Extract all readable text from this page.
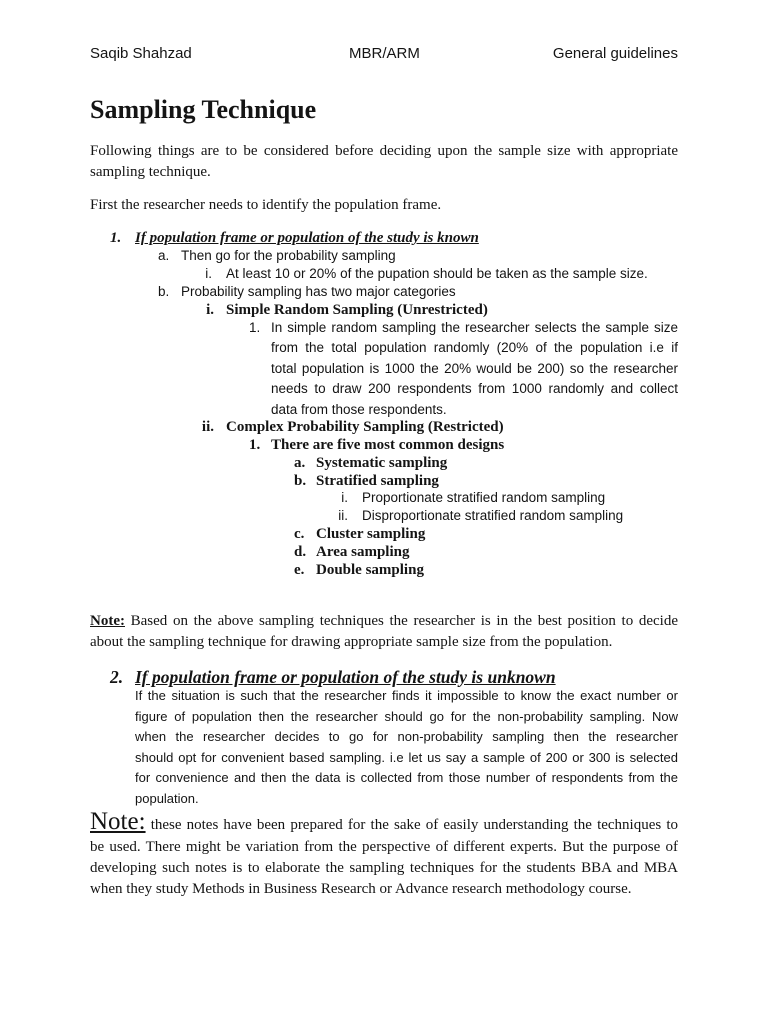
Saqib Shahzad	MBR/ARM	General guidelines
Sampling Technique
Following things are to be considered before deciding upon the sample size with appropriate
sampling technique.
First the researcher needs to identify the population frame.
1. If population frame or population of the study is known
a. Then go for the probability sampling
i. At least 10 or 20% of the pupation should be taken as the sample size.
b. Probability sampling has two major categories
i. Simple Random Sampling (Unrestricted)
1. In simple random sampling the researcher selects the sample size
from the total population randomly (20% of the population i.e if
total population is 1000 the 20% would be 200) so the researcher
needs to draw 200 respondents from 1000 randomly and collect
data from those respondents.
ii. Complex Probability Sampling (Restricted)
1. There are five most common designs
a. Systematic sampling
b. Stratified sampling
i. Proportionate stratified random sampling
ii. Disproportionate stratified random sampling
c. Cluster sampling
d. Area sampling
e. Double sampling
Note: Based on the above sampling techniques the researcher is in the best position to decide
about the sampling technique for drawing appropriate sample size from the population.
2. If population frame or population of the study is unknown
If the situation is such that the researcher finds it impossible to know the exact number or
figure of population then the researcher should go for the non-probability sampling. Now
when the researcher decides to go for non-probability sampling then the researcher
should opt for convenient based sampling. i.e let us say a sample of 200 or 300 is selected
for convenience and then the data is collected from those number of respondents from the
population.
Note: these notes have been prepared for the sake of easily understanding the techniques to
be used. There might be variation from the perspective of different experts. But the purpose of
developing such notes is to elaborate the sampling techniques for the students BBA and MBA
when they study Methods in Business Research or Advance research methodology course.
